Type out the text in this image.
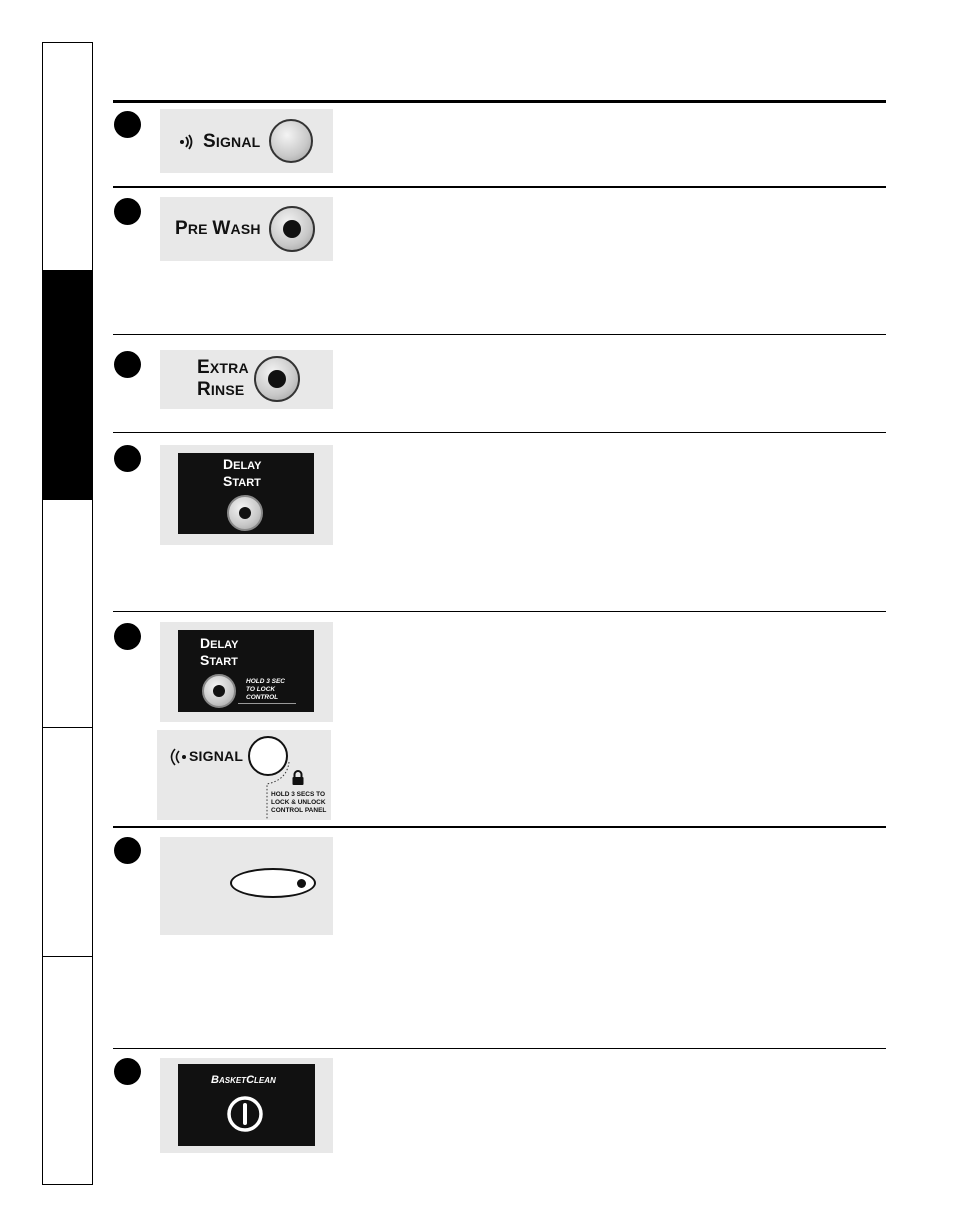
SIGNAL
PRE WASH
EXTRA
RINSE
DELAY
START
DELAY
START
HOLD 3 SEC
TO LOCK
CONTROL
SIGNAL
HOLD 3 SECS TO
LOCK & UNLOCK
CONTROL PANEL
BASKETCLEAN
